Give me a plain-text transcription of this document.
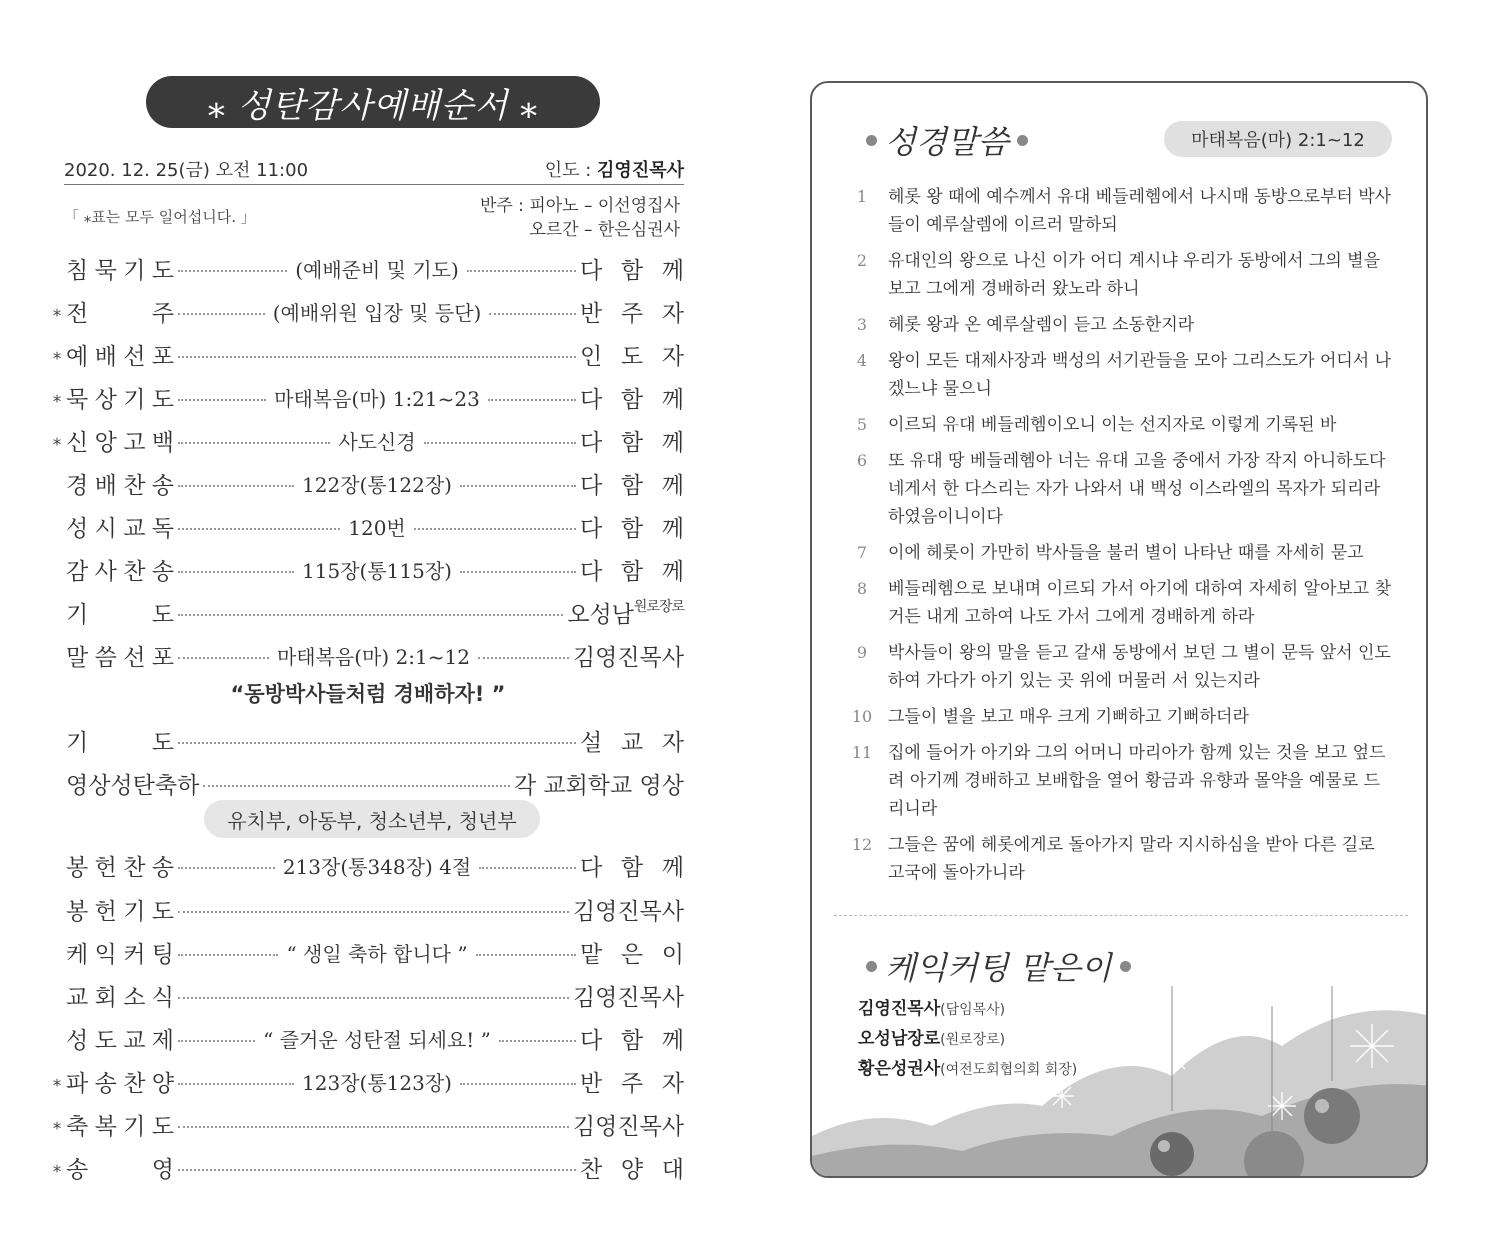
⁎ 성탄감사예배순서 ⁎
2020. 12. 25(금) 오전 11:00	인도 : 김영진목사
「 ⁎표는 모두 일어섭니다. 」
반주 : 피아노 – 이선영집사
오르간 – 한은심권사
침 묵 기 도	(예배준비 및 기도)	다 함 께
⁎ 전	주	(예배위원 입장 및 등단)	반 주 자
⁎ 예 배 선 포	인 도 자
⁎ 묵 상 기 도	마태복음(마) 1:21~23	다 함 께
⁎ 신 앙 고 백	사도신경	다 함 께
경 배 찬 송	122장(통122장)	다 함 께
성 시 교 독	120번	다 함 께
감 사 찬 송	115장(통115장)	다 함 께
기	도	오성남 원로장로
말 씀 선 포	마태복음(마) 2:1~12	김영진목사
기	도	설 교 자
영상성탄축하	각 교회학교 영상
봉 헌 찬 송	213장(통348장) 4절	다 함 께
봉 헌 기 도	김영진목사
케 익 커 팅	“ 생일 축하 합니다 ”	맡 은 이
교 회 소 식	김영진목사
성 도 교 제	“ 즐거운 성탄절 되세요! ”	다 함 께
⁎ 파 송 찬 양	123장(통123장)	반 주 자
⁎ 축 복 기 도	김영진목사
⁎ 송	영	찬 양 대
“동방박사들처럼 경배하자! ”
유치부, 아동부, 청소년부, 청년부
성경말씀	마태복음(마) 2:1~12
1	헤롯 왕 때에 예수께서 유대 베들레헴에서 나시매 동방으로부터 박사들이 예루살렘에 이르러 말하되
2	유대인의 왕으로 나신 이가 어디 계시냐 우리가 동방에서 그의 별을 보고 그에게 경배하러 왔노라 하니
3	헤롯 왕과 온 예루살렘이 듣고 소동한지라
4	왕이 모든 대제사장과 백성의 서기관들을 모아 그리스도가 어디서 나겠느냐 물으니
5	이르되 유대 베들레헴이오니 이는 선지자로 이렇게 기록된 바
6	또 유대 땅 베들레헴아 너는 유대 고을 중에서 가장 작지 아니하도다 네게서 한 다스리는 자가 나와서 내 백성 이스라엘의 목자가 되리라 하였음이니이다
7	이에 헤롯이 가만히 박사들을 불러 별이 나타난 때를 자세히 묻고
8	베들레헴으로 보내며 이르되 가서 아기에 대하여 자세히 알아보고 찾거든 내게 고하여 나도 가서 그에게 경배하게 하라
9	박사들이 왕의 말을 듣고 갈새 동방에서 보던 그 별이 문득 앞서 인도하여 가다가 아기 있는 곳 위에 머물러 서 있는지라
10 그들이 별을 보고 매우 크게 기뻐하고 기뻐하더라
11 집에 들어가 아기와 그의 어머니 마리아가 함께 있는 것을 보고 엎드려 아기께 경배하고 보배합을 열어 황금과 유향과 몰약을 예물로 드리니라
12 그들은 꿈에 헤롯에게로 돌아가지 말라 지시하심을 받아 다른 길로 고국에 돌아가니라
케익커팅 맡은이
김영진목사(담임목사)
오성남장로(원로장로)
황은성권사(여전도회협의회 회장)
